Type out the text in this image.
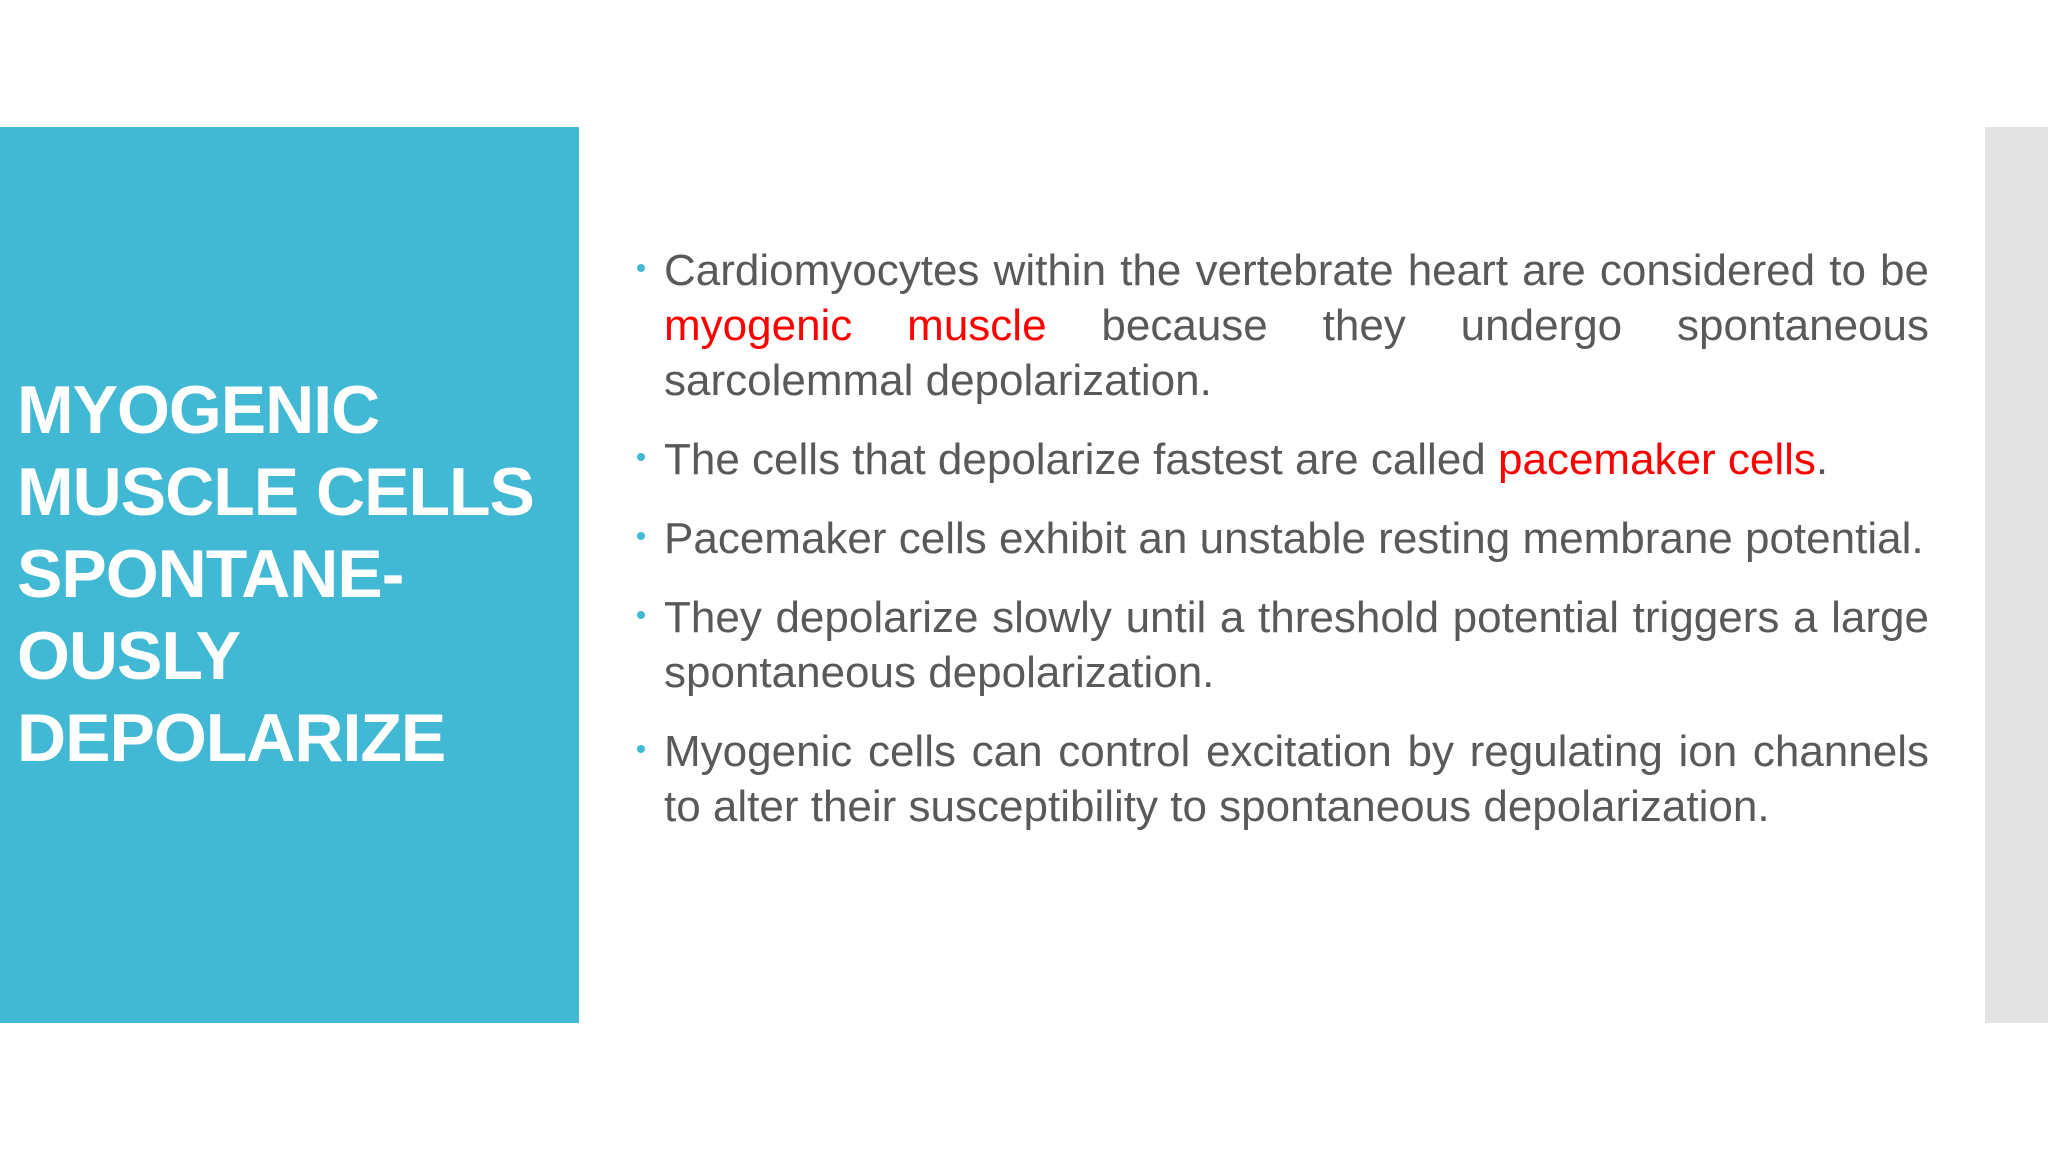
MYOGENIC
MUSCLE CELLS
SPONTANE-
OUSLY
DEPOLARIZE
Cardiomyocytes within the vertebrate heart are considered to be myogenic muscle because they undergo spontaneous sarcolemmal depolarization.
The cells that depolarize fastest are called pacemaker cells.
Pacemaker cells exhibit an unstable resting membrane potential.
They depolarize slowly until a threshold potential triggers a large spontaneous depolarization.
Myogenic cells can control excitation by regulating ion channels to alter their susceptibility to spontaneous depolarization.
